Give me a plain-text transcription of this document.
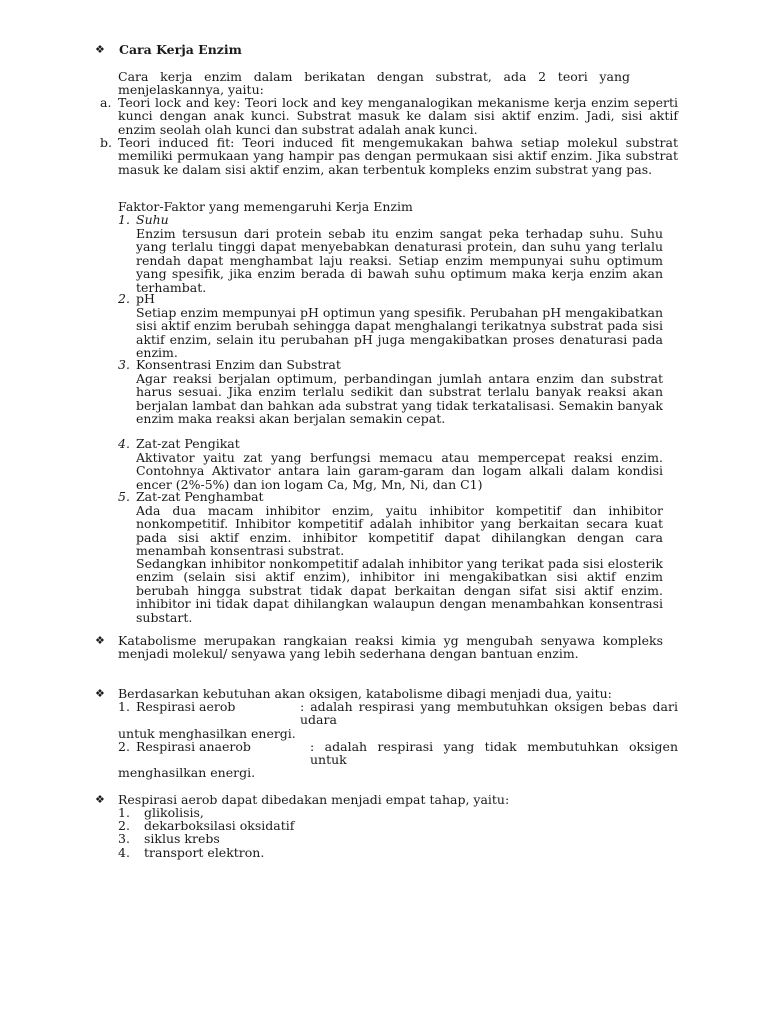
❖ Cara Kerja Enzim
Cara kerja enzim dalam berikatan dengan substrat, ada 2 teori yang menjelaskannya, yaitu:
a. Teori lock and key: Teori lock and key menganalogikan mekanisme kerja enzim seperti kunci dengan anak kunci. Substrat masuk ke dalam sisi aktif enzim. Jadi, sisi aktif enzim seolah olah kunci dan substrat adalah anak kunci.
b. Teori induced fit: Teori induced fit mengemukakan bahwa setiap molekul substrat memiliki permukaan yang hampir pas dengan permukaan sisi aktif enzim. Jika substrat masuk ke dalam sisi aktif enzim, akan terbentuk kompleks enzim substrat yang pas.
Faktor-Faktor yang memengaruhi Kerja Enzim
1. Suhu
Enzim tersusun dari protein sebab itu enzim sangat peka terhadap suhu. Suhu yang terlalu tinggi dapat menyebabkan denaturasi protein, dan suhu yang terlalu rendah dapat menghambat laju reaksi. Setiap enzim mempunyai suhu optimum yang spesifik, jika enzim berada di bawah suhu optimum maka kerja enzim akan terhambat.
2. pH
Setiap enzim mempunyai pH optimun yang spesifik. Perubahan pH mengakibatkan sisi aktif enzim berubah sehingga dapat menghalangi terikatnya substrat pada sisi aktif enzim, selain itu perubahan pH juga mengakibatkan proses denaturasi pada enzim.
3. Konsentrasi Enzim dan Substrat
Agar reaksi berjalan optimum, perbandingan jumlah antara enzim dan substrat harus sesuai. Jika enzim terlalu sedikit dan substrat terlalu banyak reaksi akan berjalan lambat dan bahkan ada substrat yang tidak terkatalisasi. Semakin banyak enzim maka reaksi akan berjalan semakin cepat.
4. Zat-zat Pengikat
Aktivator yaitu zat yang berfungsi memacu atau mempercepat reaksi enzim. Contohnya Aktivator antara lain garam-garam dan logam alkali dalam kondisi encer (2%-5%) dan ion logam Ca, Mg, Mn, Ni, dan C1)
5. Zat-zat Penghambat
Ada dua macam inhibitor enzim, yaitu inhibitor kompetitif dan inhibitor nonkompetitif. Inhibitor kompetitif adalah inhibitor yang berkaitan secara kuat pada sisi aktif enzim. inhibitor kompetitif dapat dihilangkan dengan cara menambah konsentrasi substrat.
Sedangkan inhibitor nonkompetitif adalah inhibitor yang terikat pada sisi elosterik enzim (selain sisi aktif enzim), inhibitor ini mengakibatkan sisi aktif enzim berubah hingga substrat tidak dapat berkaitan dengan sifat sisi aktif enzim. inhibitor ini tidak dapat dihilangkan walaupun dengan menambahkan konsentrasi substart.
❖ Katabolisme merupakan rangkaian reaksi kimia yg mengubah senyawa kompleks menjadi molekul/ senyawa yang lebih sederhana dengan bantuan enzim.
❖ Berdasarkan kebutuhan akan oksigen, katabolisme dibagi menjadi dua, yaitu:
1. Respirasi aerob	: adalah respirasi yang membutuhkan oksigen bebas dari udara

untuk menghasilkan energi.
2. Respirasi anaerob	: adalah respirasi yang tidak membutuhkan oksigen untuk
menghasilkan energi.
❖ Respirasi aerob dapat dibedakan menjadi empat tahap, yaitu:
1. glikolisis,
2. dekarboksilasi oksidatif
3. siklus krebs
4. transport elektron.
